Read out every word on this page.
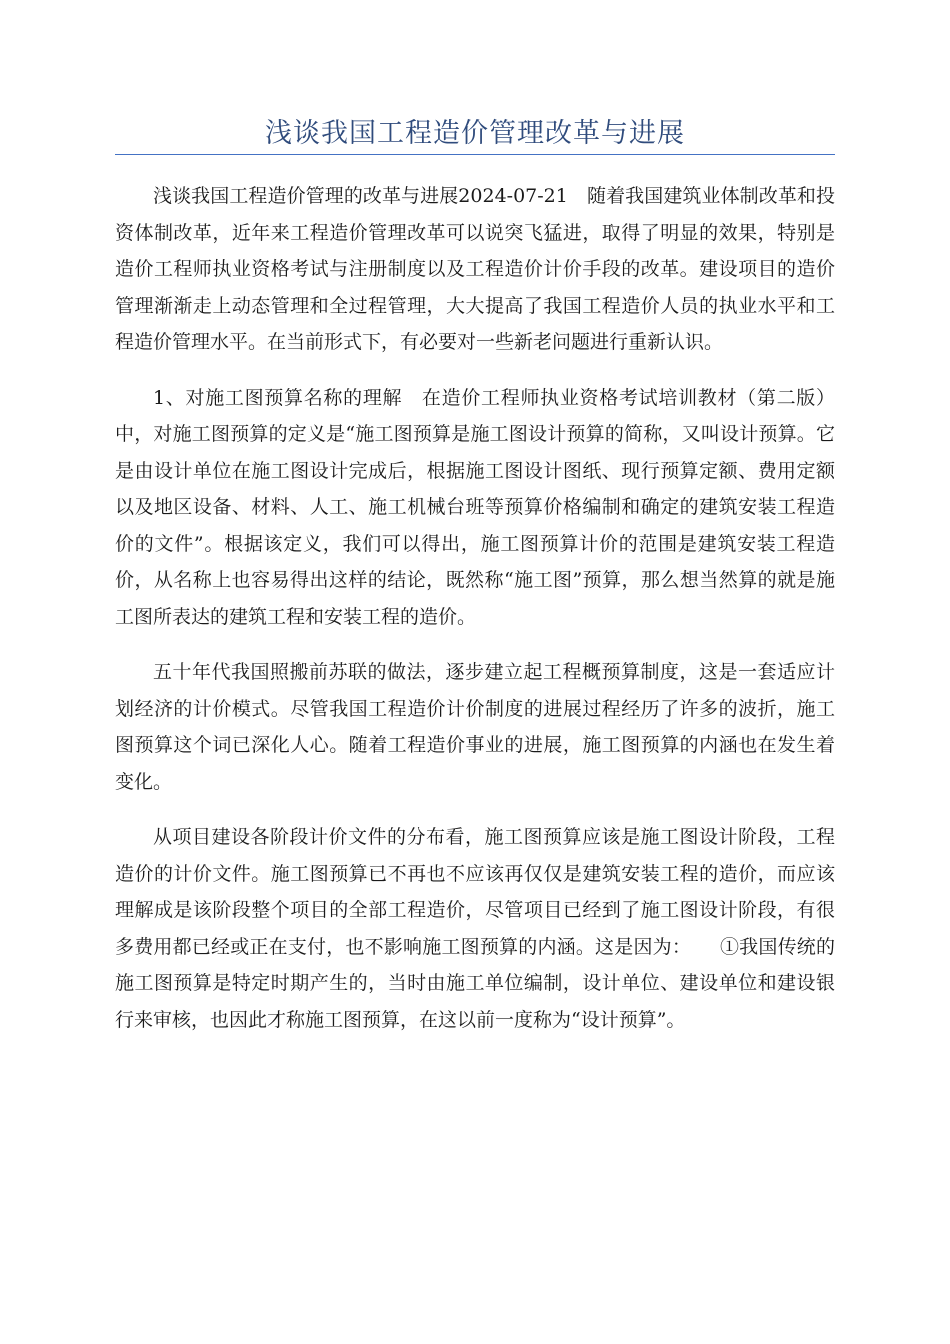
浅谈我国工程造价管理改革与进展

浅谈我国工程造价管理的改革与进展2024-07-21　随着我国建筑业体制改革和投资体制改革，近年来工程造价管理改革可以说突飞猛进，取得了明显的效果，特别是造价工程师执业资格考试与注册制度以及工程造价计价手段的改革。建设项目的造价管理渐渐走上动态管理和全过程管理，大大提高了我国工程造价人员的执业水平和工程造价管理水平。在当前形式下，有必要对一些新老问题进行重新认识。

1、对施工图预算名称的理解　在造价工程师执业资格考试培训教材（第二版）中，对施工图预算的定义是“施工图预算是施工图设计预算的简称，又叫设计预算。它是由设计单位在施工图设计完成后，根据施工图设计图纸、现行预算定额、费用定额以及地区设备、材料、人工、施工机械台班等预算价格编制和确定的建筑安装工程造价的文件”。根据该定义，我们可以得出，施工图预算计价的范围是建筑安装工程造价，从名称上也容易得出这样的结论，既然称“施工图”预算，那么想当然算的就是施工图所表达的建筑工程和安装工程的造价。

五十年代我国照搬前苏联的做法，逐步建立起工程概预算制度，这是一套适应计划经济的计价模式。尽管我国工程造价计价制度的进展过程经历了许多的波折，施工图预算这个词已深化人心。随着工程造价事业的进展，施工图预算的内涵也在发生着变化。

从项目建设各阶段计价文件的分布看，施工图预算应该是施工图设计阶段，工程造价的计价文件。施工图预算已不再也不应该再仅仅是建筑安装工程的造价，而应该理解成是该阶段整个项目的全部工程造价，尽管项目已经到了施工图设计阶段，有很多费用都已经或正在支付，也不影响施工图预算的内涵。这是因为：　　①我国传统的施工图预算是特定时期产生的，当时由施工单位编制，设计单位、建设单位和建设银行来审核，也因此才称施工图预算，在这以前一度称为“设计预算”。
